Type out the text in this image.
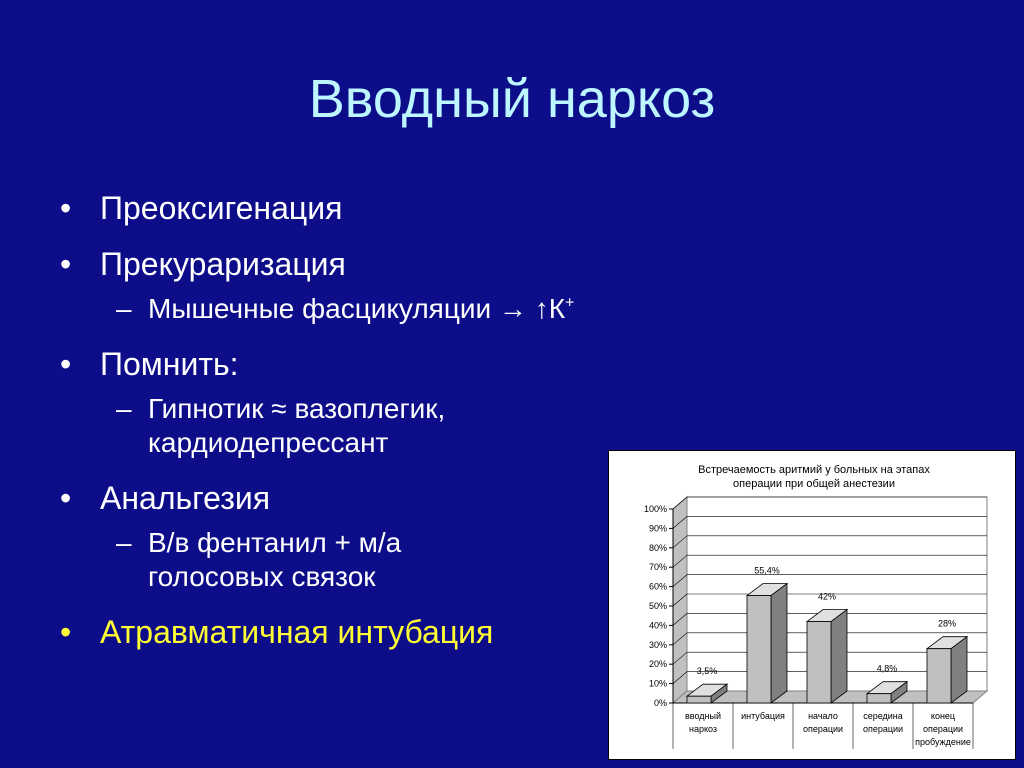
Вводный наркоз
• Преоксигенация
• Прекураризация
– Мышечные фасцикуляции → ↑К+
• Помнить:
– Гипнотик ≈ вазоплегик, кардиодепрессант
• Анальгезия
– В/в фентанил + м/а
голосовых связок
• Атравматичная интубация
Встречаемость аритмий у больных на этапах
операции при общей анестезии
0%
10%
20%
30%
40%
50%
60%
70%
80%
90%
100%
3,5%
вводный
наркоз
55,4%
интубация
42%
начало
операции
4,8%
середина
операции
28%
конец
операции
пробуждение
